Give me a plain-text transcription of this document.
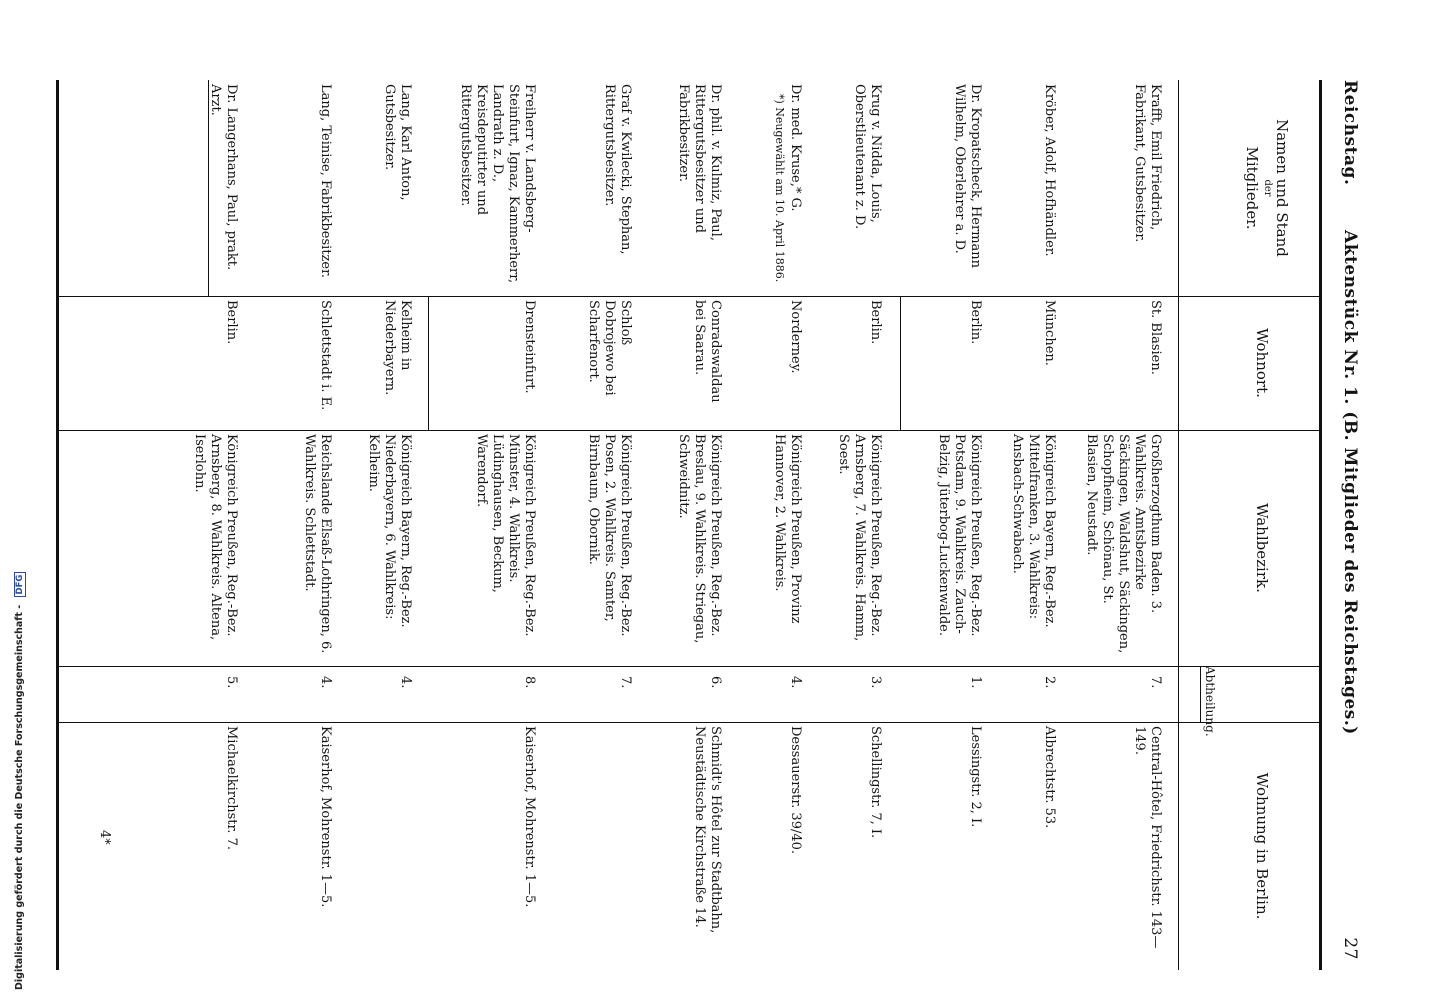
Reichstag.
Aktenstück Nr. 1. (B. Mitglieder des Reichstages.)
27
Namen und Stand
der
Mitglieder.
Wohnort.
Wahlbezirk.
Abtheilung.
Wohnung in Berlin.
Krafft, Emil Friedrich, Fabrikant, Gutsbesitzer.
St. Blasien.
Großherzogthum Baden. 3. Wahlkreis. Amtsbezirke Säckingen, Waldshut, Säckingen, Schopfheim, Schönau, St. Blasien, Neustadt.
7.
Central-Hôtel, Friedrichstr. 143—149.
Kröber, Adolf, Hofhändler.
München.
Königreich Bayern, Reg.-Bez. Mittelfranken, 3. Wahlkreis: Ansbach-Schwabach.
2.
Albrechtstr. 53.
Dr. Kropatscheck, Hermann Wilhelm, Oberlehrer a. D.
Berlin.
Königreich Preußen, Reg.-Bez. Potsdam, 9. Wahlkreis. Zauch-Belzig, Jüterbog-Luckenwalde.
1.
Lessingstr. 2, I.
Krug v. Nidda, Louis, Oberstlieutenant z. D.
Berlin.
Königreich Preußen, Reg.-Bez. Arnsberg, 7. Wahlkreis. Hamm, Soest.
3.
Schellingstr. 7, I.
Dr. med. Kruse,* G.
*) Neugewählt am 10. April 1886.
Norderney.
Königreich Preußen, Provinz Hannover, 2. Wahlkreis.
4.
Dessauerstr. 39/40.
Dr. phil. v. Kulmiz, Paul, Rittergutsbesitzer und Fabrikbesitzer.
Conradswaldau bei Saarau.
Königreich Preußen, Reg.-Bez. Breslau, 9. Wahlkreis. Striegau, Schweidnitz.
6.
Schmidt's Hôtel zur Stadtbahn, Neustädtische Kirchstraße 14.
Graf v. Kwilecki, Stephan, Rittergutsbesitzer.
Schloß Dobrojewo bei Scharfenort.
Königreich Preußen, Reg.-Bez. Posen, 2. Wahlkreis. Samter, Birnbaum, Obornik.
7.
Freiherr v. Landsberg-Steinfurt, Ignaz, Kammerherr, Landrath z. D., Kreisdeputirter und Rittergutsbesitzer.
Drensteinfurt.
Königreich Preußen, Reg.-Bez. Münster, 4. Wahlkreis. Lüdinghausen, Beckum, Warendorf.
8.
Kaiserhof, Mohrenstr. 1—5.
Lang, Karl Anton, Gutsbesitzer.
Kelheim in Niederbayern.
Königreich Bayern, Reg.-Bez. Niederbayern, 6. Wahlkreis: Kelheim.
4.
Lang, Teinise, Fabrikbesitzer.
Schlettstadt i. E.
Reichslande Elsaß-Lothringen, 6. Wahlkreis. Schlettstadt.
4.
Kaiserhof, Mohrenstr. 1—5.
Dr. Langerhans, Paul, prakt. Arzt.
Berlin.
Königreich Preußen, Reg.-Bez. Arnsberg, 8. Wahlkreis. Altena, Iserlohn.
5.
Michaelkirchstr. 7.
4*
Digitalisierung gefördert durch die Deutsche Forschungsgemeinschaft - DFG
